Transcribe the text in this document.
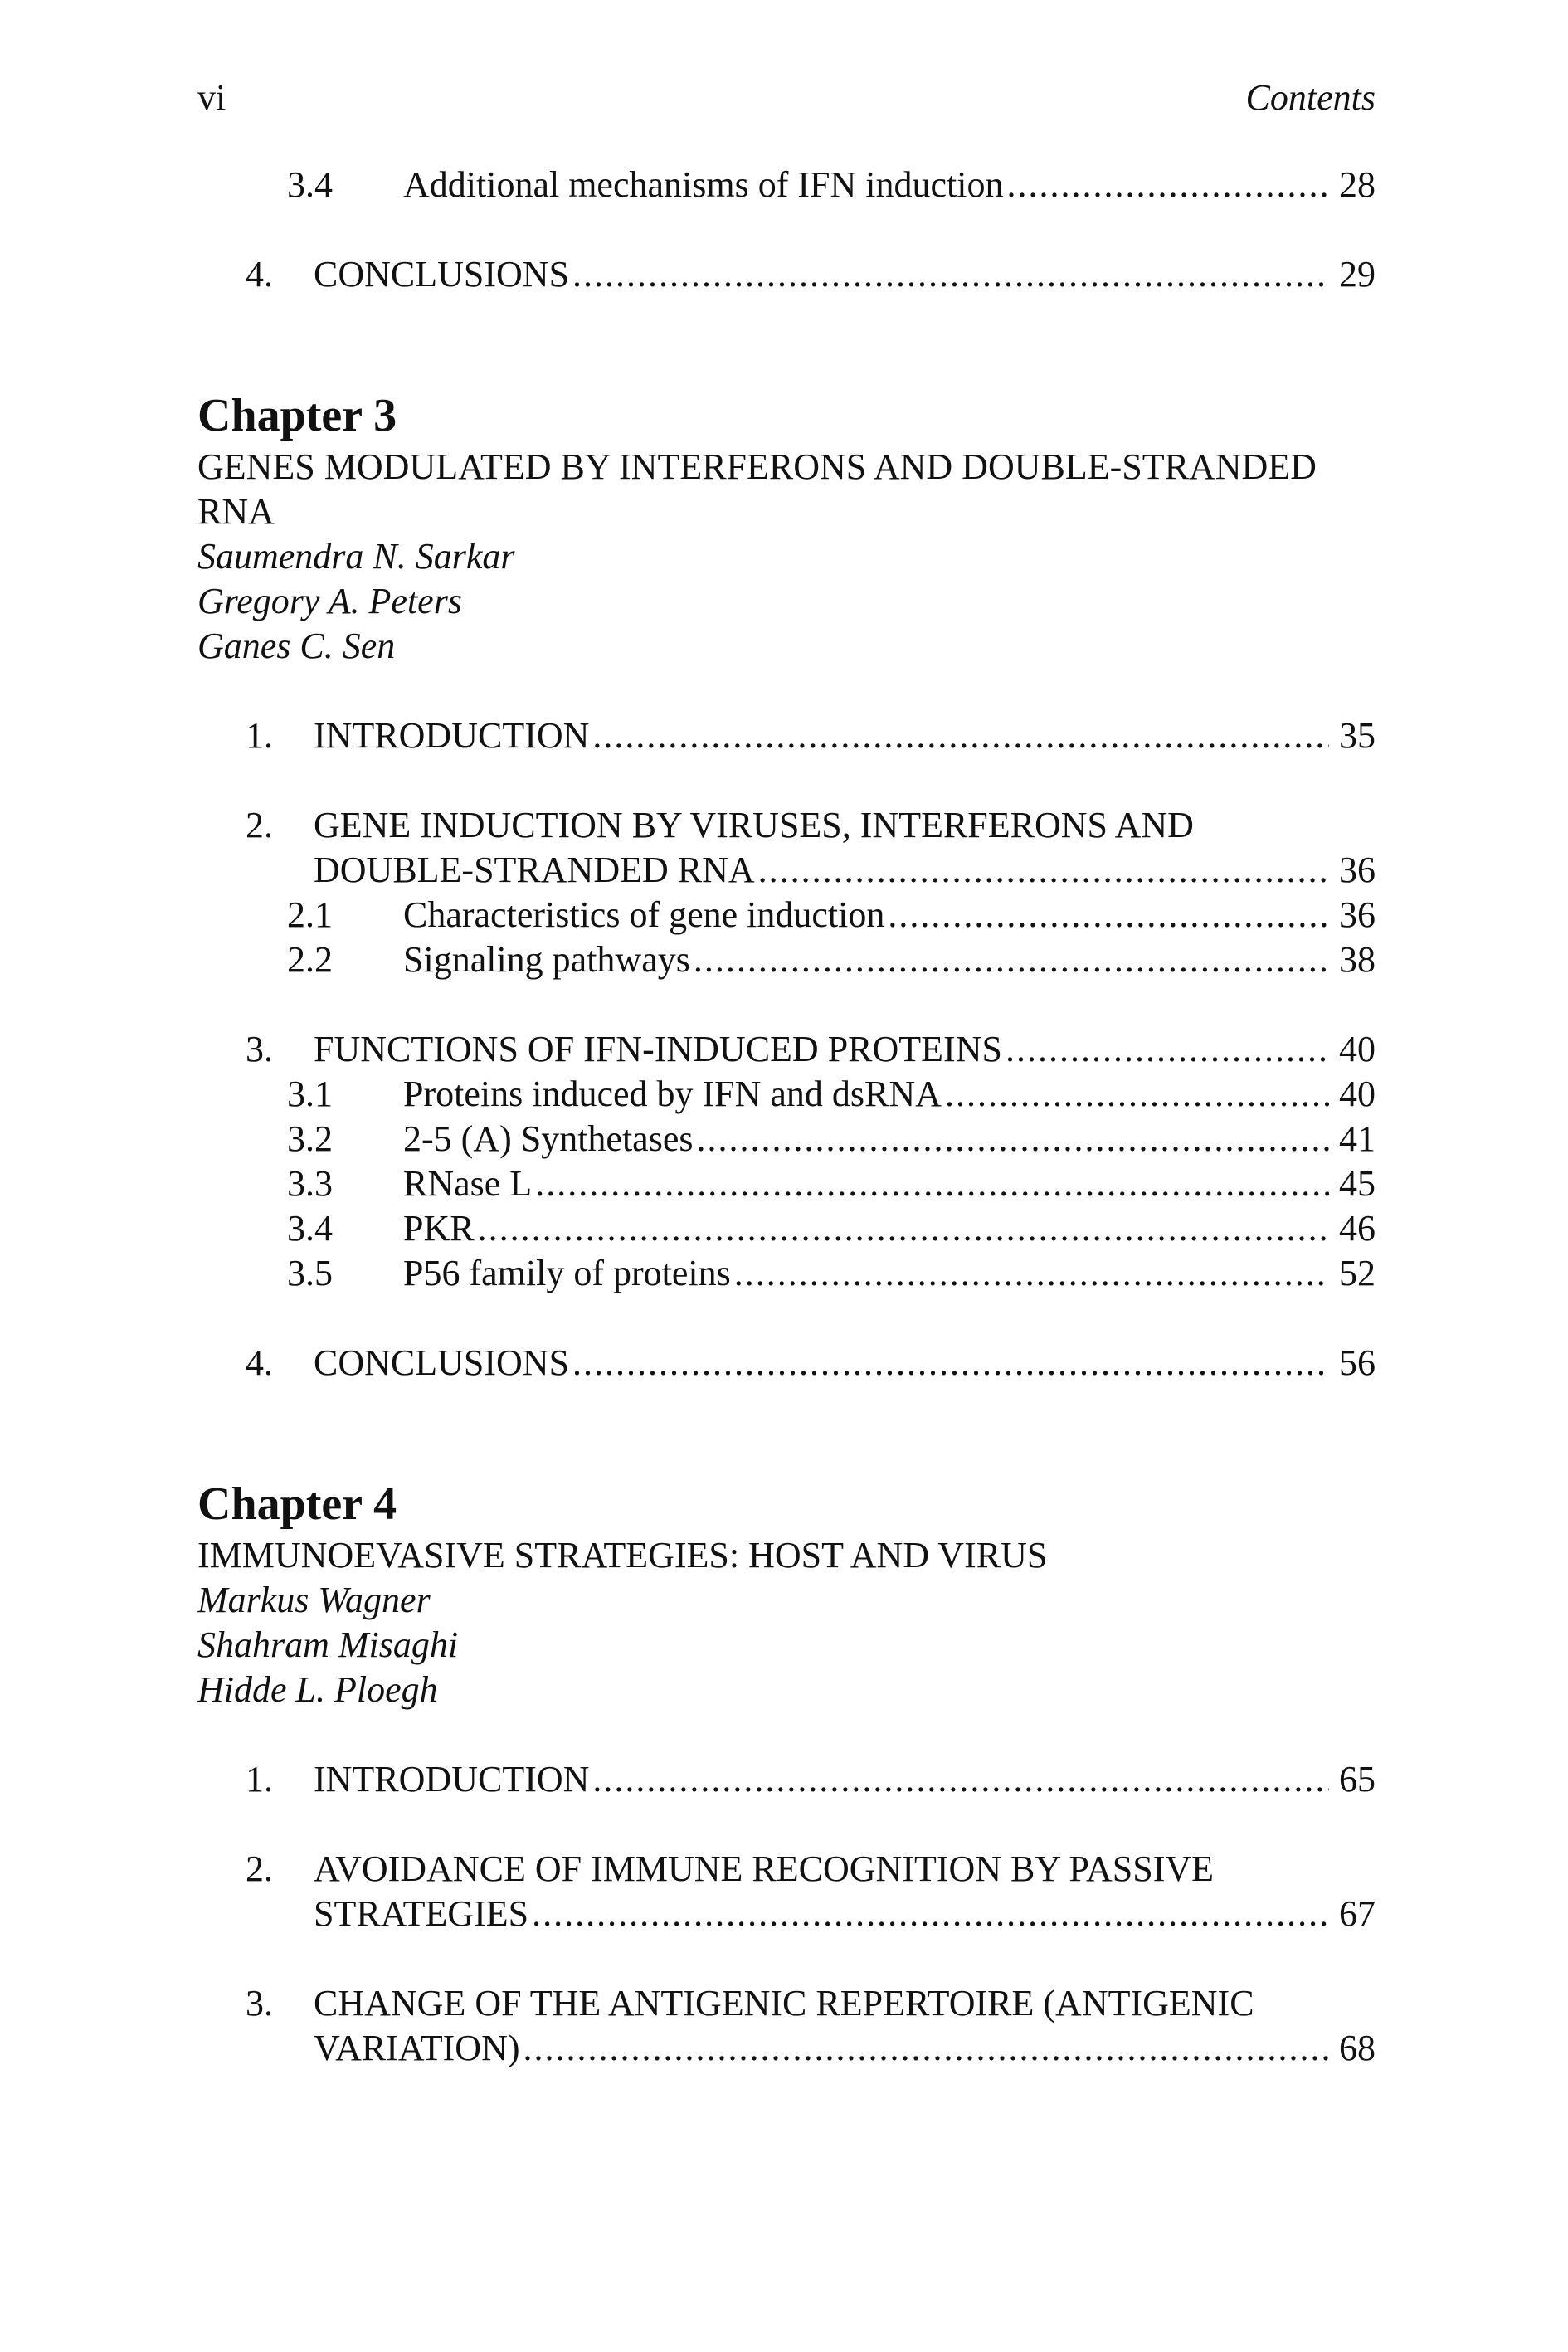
vi	Contents
3.4	Additional mechanisms of IFN induction .....	28
4.	CONCLUSIONS .....	29
Chapter 3
GENES MODULATED BY INTERFERONS AND DOUBLE-STRANDED
RNA
Saumendra N. Sarkar
Gregory A. Peters
Ganes C. Sen
1.	INTRODUCTION .....	35
2.	GENE INDUCTION BY VIRUSES, INTERFERONS AND
DOUBLE-STRANDED RNA .....	36
2.1	Characteristics of gene induction .....	36
2.2	Signaling pathways .....	38
3.	FUNCTIONS OF IFN-INDUCED PROTEINS .....	40
3.1	Proteins induced by IFN and dsRNA .....	40
3.2	2-5 (A) Synthetases .....	41
3.3	RNase L .....	45
3.4	PKR .....	46
3.5	P56 family of proteins .....	52
4.	CONCLUSIONS .....	56
Chapter 4
IMMUNOEVASIVE STRATEGIES: HOST AND VIRUS
Markus Wagner
Shahram Misaghi
Hidde L. Ploegh
1.	INTRODUCTION .....	65
2.	AVOIDANCE OF IMMUNE RECOGNITION BY PASSIVE
STRATEGIES .....	67
3.	CHANGE OF THE ANTIGENIC REPERTOIRE (ANTIGENIC
VARIATION) .....	68
